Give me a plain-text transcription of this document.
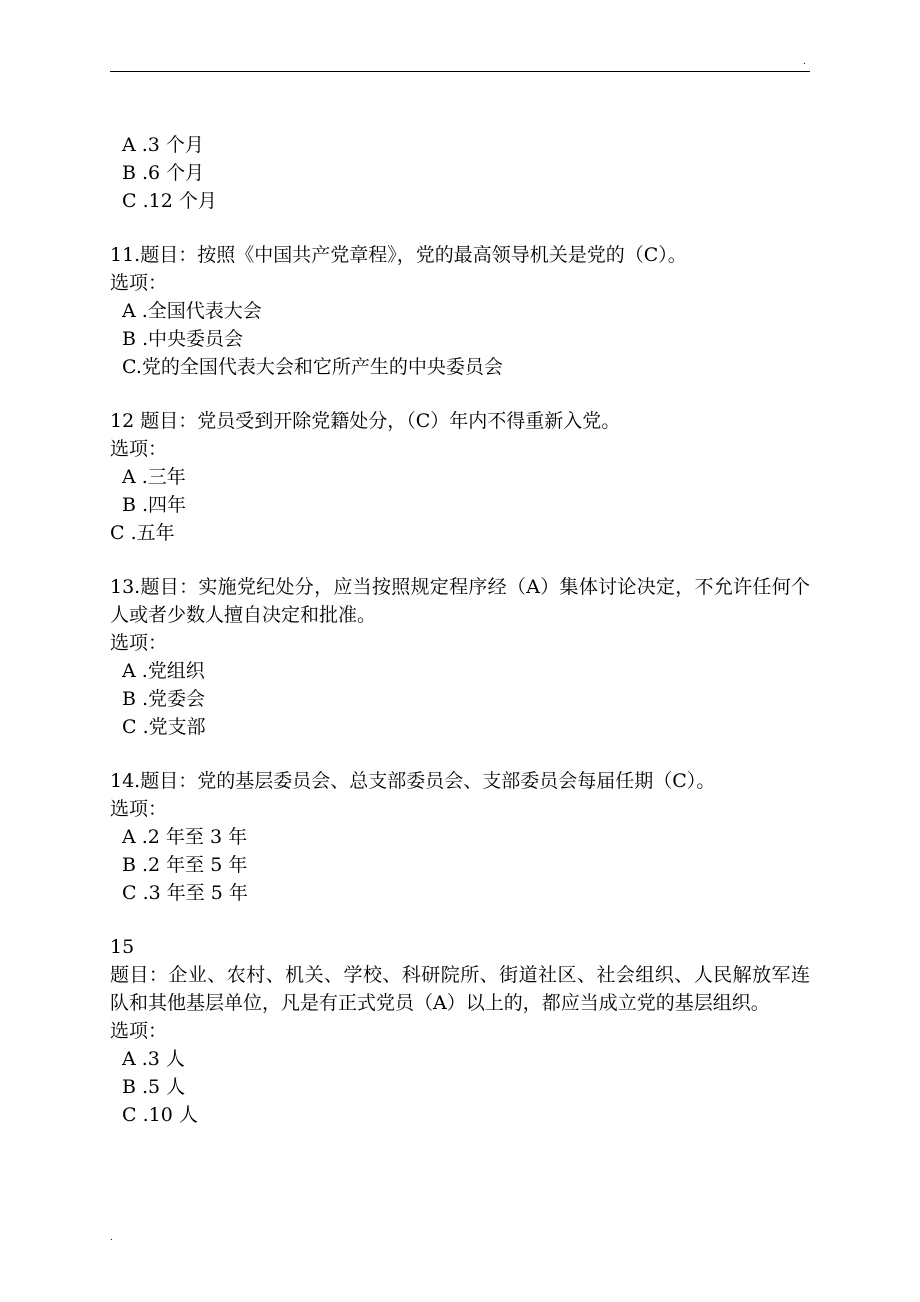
.
A .3 个月
B .6 个月
C .12 个月
11.题目：按照《中国共产党章程》，党的最高领导机关是党的（C）。
选项：
A .全国代表大会
B .中央委员会
C.党的全国代表大会和它所产生的中央委员会
12 题目：党员受到开除党籍处分，（C）年内不得重新入党。
选项：
A .三年
B .四年
C .五年
13.题目：实施党纪处分，应当按照规定程序经（A）集体讨论决定，不允许任何个人或者少数人擅自决定和批准。
选项：
A .党组织
B .党委会
C .党支部
14.题目：党的基层委员会、总支部委员会、支部委员会每届任期（C）。
选项：
A .2 年至 3 年
B .2 年至 5 年
C .3 年至 5 年
15
题目：企业、农村、机关、学校、科研院所、街道社区、社会组织、人民解放军连队和其他基层单位，凡是有正式党员（A）以上的，都应当成立党的基层组织。
选项：
A .3 人
B .5 人
C .10 人
.
